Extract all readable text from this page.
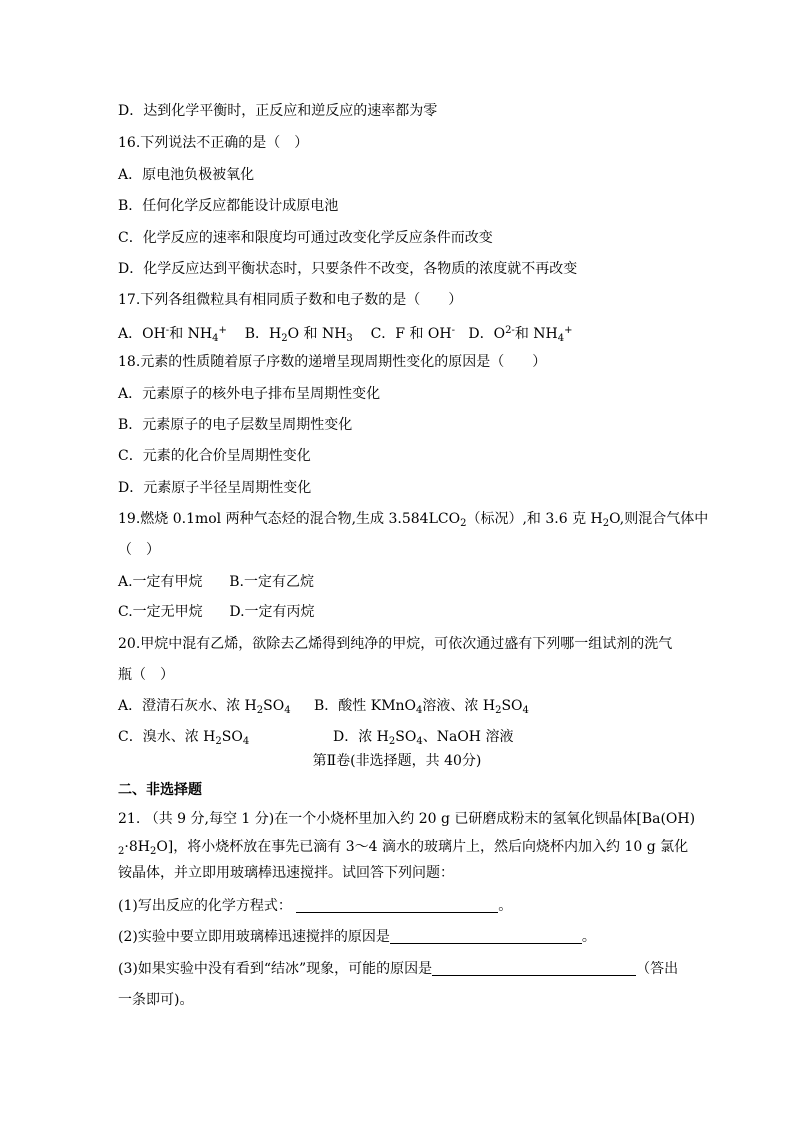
D．达到化学平衡时，正反应和逆反应的速率都为零
16.下列说法不正确的是（　）
A．原电池负极被氧化
B．任何化学反应都能设计成原电池
C．化学反应的速率和限度均可通过改变化学反应条件而改变
D．化学反应达到平衡状态时，只要条件不改变，各物质的浓度就不再改变
17.下列各组微粒具有相同质子数和电子数的是（　　）
A．OH-和 $NH_4^+$ B．$H_2O$ 和 $NH_3$ C．F 和 OH- D．$O^{2-}$和 $NH_4^+$
18.元素的性质随着原子序数的递增呈现周期性变化的原因是（　　）
A．元素原子的核外电子排布呈周期性变化
B．元素原子的电子层数呈周期性变化
C．元素的化合价呈周期性变化
D．元素原子半径呈周期性变化
19.燃烧 0.1mol 两种气态烃的混合物,生成 $3.584LCO_2$（标况）,和 3.6 克 $H_2O$,则混合气体中
（　）
A.一定有甲烷 B.一定有乙烷
C.一定无甲烷 D.一定有丙烷
20.甲烷中混有乙烯，欲除去乙烯得到纯净的甲烷，可依次通过盛有下列哪一组试剂的洗气
瓶（　）
A．澄清石灰水、浓 $H_2SO_4$ B．酸性 KMnO$_4$溶液、浓 $H_2SO_4$
C．溴水、浓 $H_2SO_4$	D．浓 $H_2SO_4$、NaOH 溶液
第Ⅱ卷(非选择题，共 40分)
二、非选择题
21. （共 9 分,每空 1 分)在一个小烧杯里加入约 20 g 已研磨成粉末的氢氧化钡晶体[Ba(OH)
$_2\cdot 8H_2O$]，将小烧杯放在事先已滴有 3～4 滴水的玻璃片上，然后向烧杯内加入约 10 g 氯化
铵晶体，并立即用玻璃棒迅速搅拌。试回答下列问题：
(1)写出反应的化学方程式：	。
(2)实验中要立即用玻璃棒迅速搅拌的原因是	。
(3)如果实验中没有看到“结冰”现象，可能的原因是	（答出
一条即可)。
